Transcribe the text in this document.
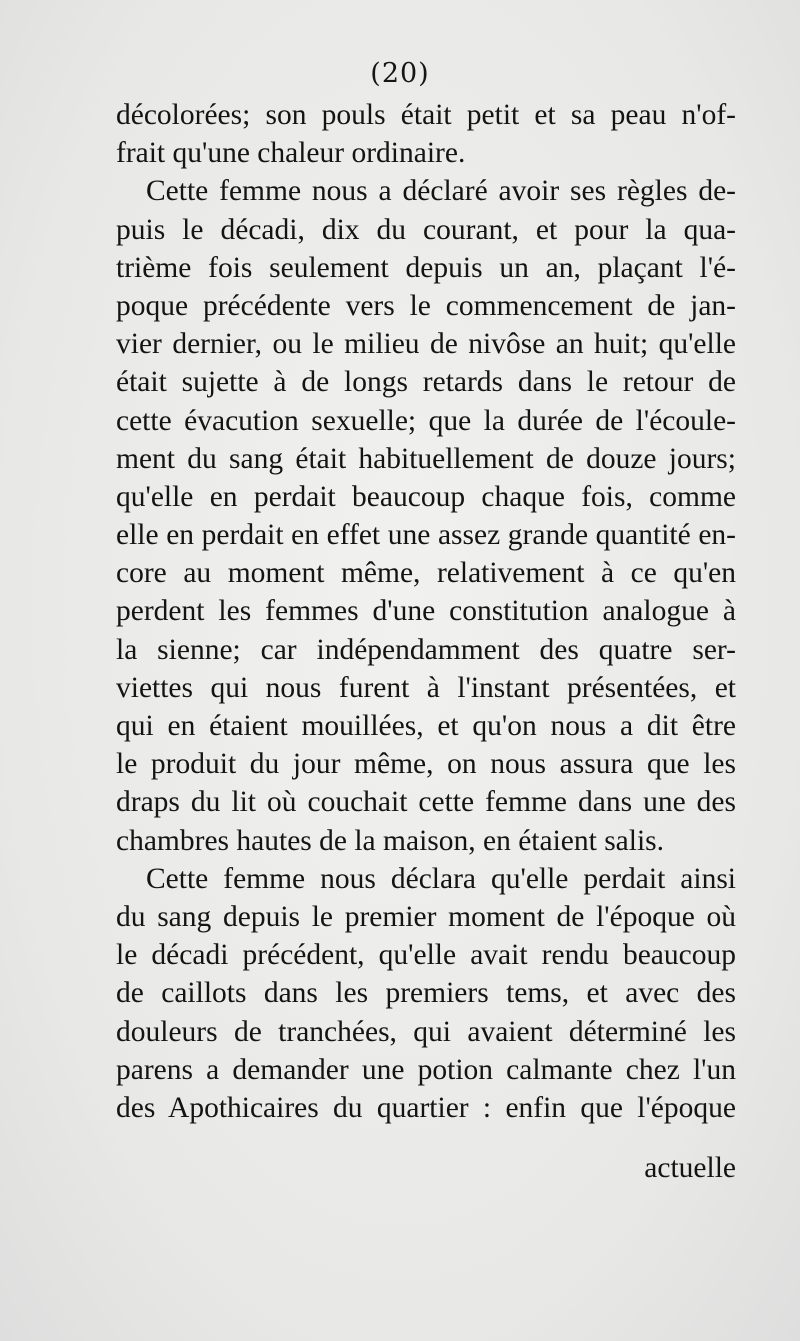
(20)
décolorées; son pouls était petit et sa peau n'of-
frait qu'une chaleur ordinaire.
Cette femme nous a déclaré avoir ses règles de-
puis le décadi, dix du courant, et pour la qua-
trième fois seulement depuis un an, plaçant l'é-
poque précédente vers le commencement de jan-
vier dernier, ou le milieu de nivôse an huit; qu'elle
était sujette à de longs retards dans le retour de
cette évacution sexuelle; que la durée de l'écoule-
ment du sang était habituellement de douze jours;
qu'elle en perdait beaucoup chaque fois, comme
elle en perdait en effet une assez grande quantité en-
core au moment même, relativement à ce qu'en
perdent les femmes d'une constitution analogue à
la sienne; car indépendamment des quatre ser-
viettes qui nous furent à l'instant présentées, et
qui en étaient mouillées, et qu'on nous a dit être
le produit du jour même, on nous assura que les
draps du lit où couchait cette femme dans une des
chambres hautes de la maison, en étaient salis.
Cette femme nous déclara qu'elle perdait ainsi
du sang depuis le premier moment de l'époque où
le décadi précédent, qu'elle avait rendu beaucoup
de caillots dans les premiers tems, et avec des
douleurs de tranchées, qui avaient déterminé les
parens a demander une potion calmante chez l'un
des Apothicaires du quartier : enfin que l'époque
actuelle
